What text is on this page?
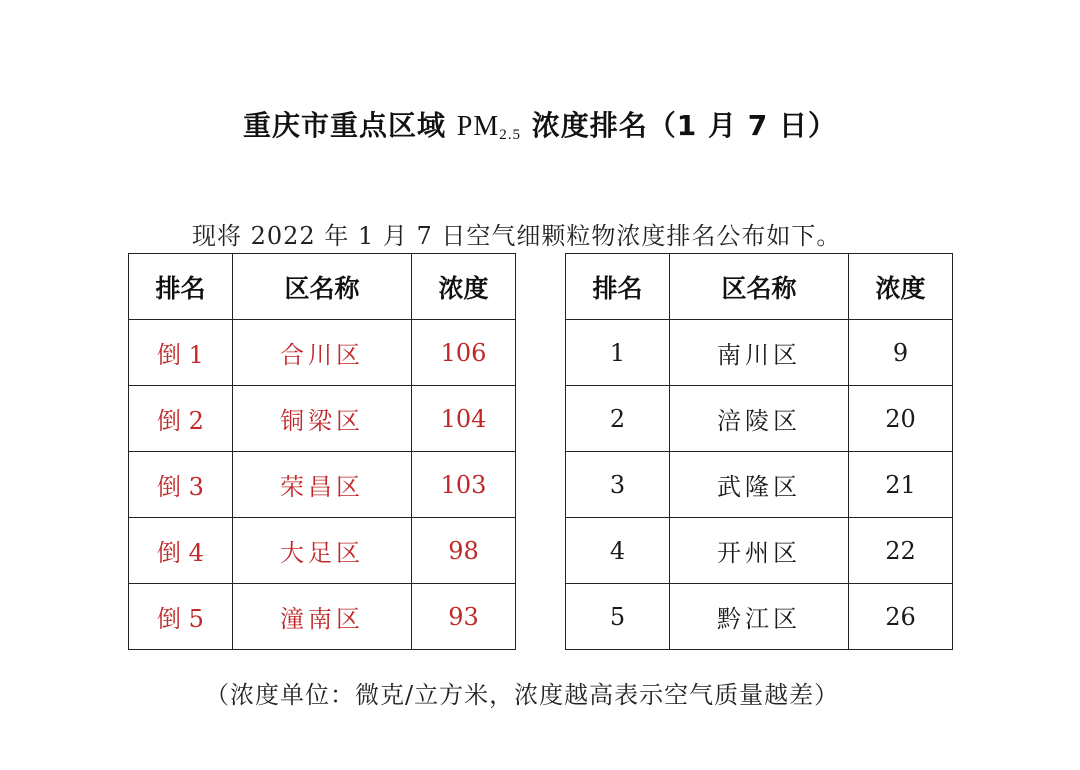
重庆市重点区域 $PM_{2.5}$ 浓度排名（1 月 7 日）
现将 2022 年 1 月 7 日空气细颗粒物浓度排名公布如下。
排名	区名称	浓度
倒 1	合川区	106
倒 2	铜梁区	104
倒 3	荣昌区	103
倒 4	大足区	98
倒 5	潼南区	93
排名	区名称	浓度
1	南川区	9
2	涪陵区	20
3	武隆区	21
4	开州区	22
5	黔江区	26
（浓度单位：微克/立方米，浓度越高表示空气质量越差）
